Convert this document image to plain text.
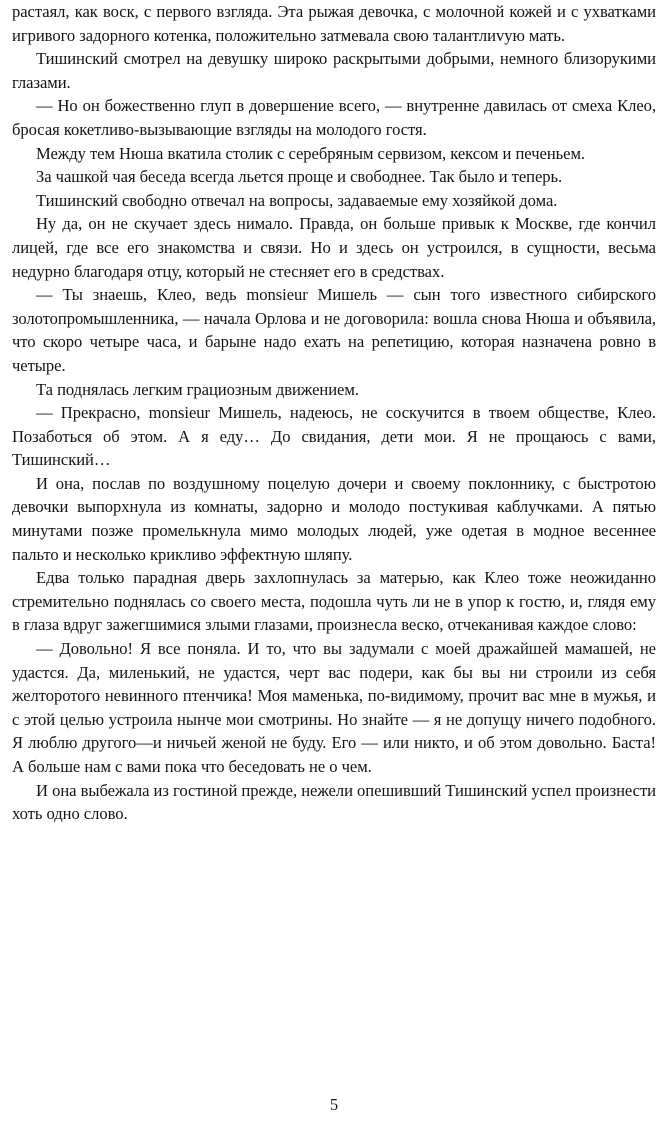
растаял, как воск, с первого взгляда. Эта рыжая девочка, с молочной кожей и с ухватками игривого задорного котенка, положительно затмевала свою талантлиvую мать.

Тишинский смотрел на девушку широко раскрытыми добрыми, немного близорукими глазами.

— Но он божественно глуп в довершение всего, — внутренне давилась от смеха Клео, бросая кокетливо-вызывающие взгляды на молодого гостя.

Между тем Нюша вкатила столик с серебряным сервизом, кексом и печеньем.

За чашкой чая беседа всегда льется проще и свободнее. Так было и теперь.

Тишинский свободно отвечал на вопросы, задаваемые ему хозяйкой дома.

Ну да, он не скучает здесь нимало. Правда, он больше привык к Москве, где кончил лицей, где все его знакомства и связи. Но и здесь он устроился, в сущности, весьма недурно благодаря отцу, который не стесняет его в средствах.

— Ты знаешь, Клео, ведь monsieur Мишель — сын того известного сибирского золотопромышленника, — начала Орлова и не договорила: вошла снова Нюша и объявила, что скоро четыре часа, и барыне надо ехать на репетицию, которая назначена ровно в четыре.

Та поднялась легким грациозным движением.

— Прекрасно, monsieur Мишель, надеюсь, не соскучится в твоем обществе, Клео. Позаботься об этом. А я еду… До свидания, дети мои. Я не прощаюсь с вами, Тишинский…

И она, послав по воздушному поцелую дочери и своему поклоннику, с быстротою девочки выпорхнула из комнаты, задорно и молодо постукивая каблучками. А пятью минутами позже промелькнула мимо молодых людей, уже одетая в модное весеннее пальто и несколько крикливо эффектную шляпу.

Едва только парадная дверь захлопнулась за матерью, как Клео тоже неожиданно стремительно поднялась со своего места, подошла чуть ли не в упор к гостю, и, глядя ему в глаза вдруг зажегшимися злыми глазами, произнесла веско, отчеканивая каждое слово:

— Довольно! Я все поняла. И то, что вы задумали с моей дражайшей мамашей, не удастся. Да, миленький, не удастся, черт вас подери, как бы вы ни строили из себя желторотого невинного птенчика! Моя маменька, по-видимому, прочит вас мне в мужья, и с этой целью устроила нынче мои смотрины. Но знайте — я не допущу ничего подобного. Я люблю другого—и ничьей женой не буду. Его — или никто, и об этом довольно. Баста! А больше нам с вами пока что беседовать не о чем.

И она выбежала из гостиной прежде, нежели опешивший Тишинский успел произнести хоть одно слово.

5
